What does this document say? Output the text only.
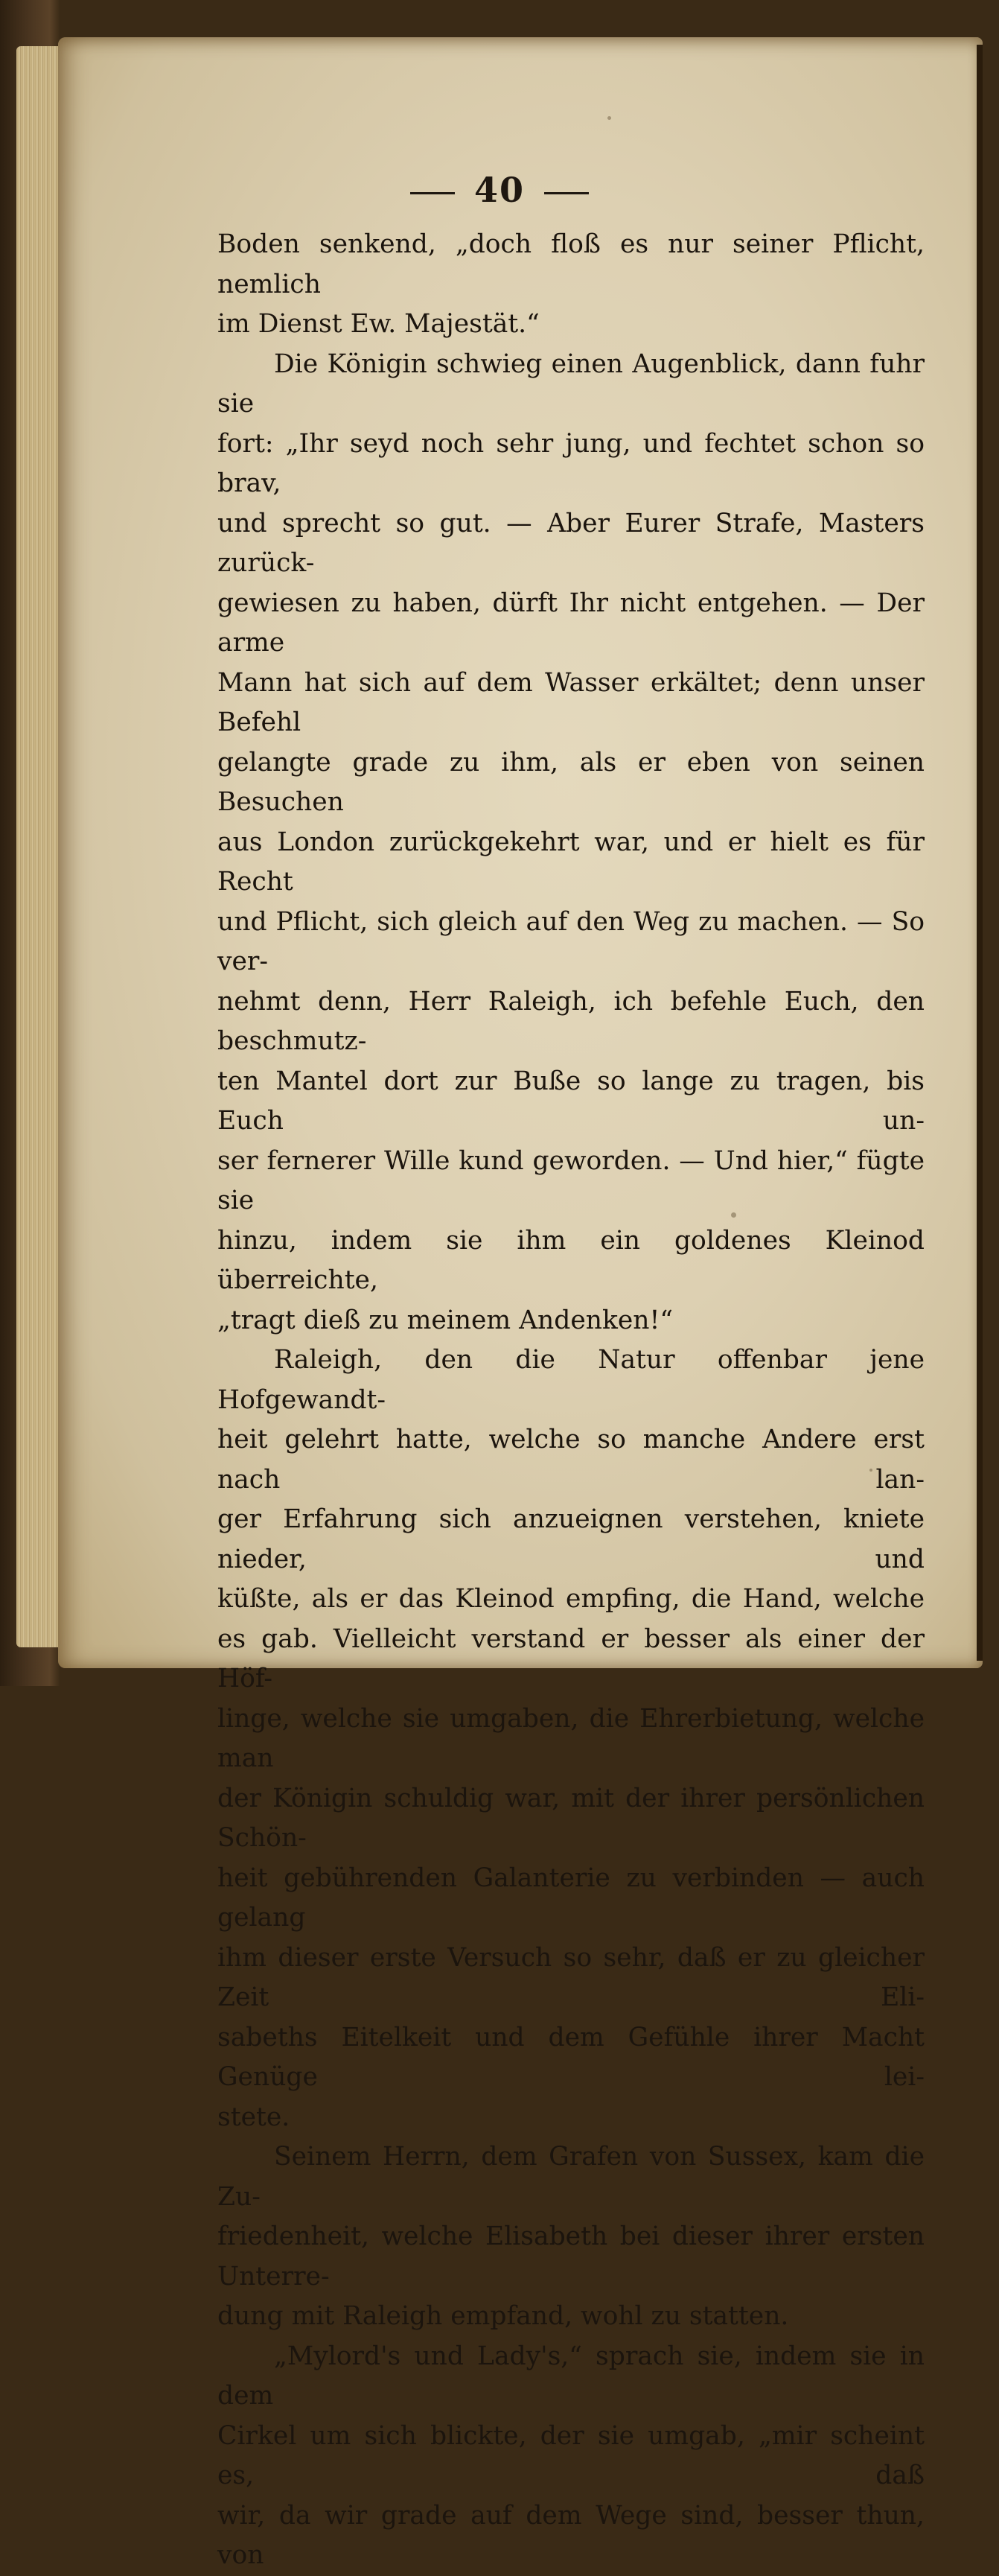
40

Boden senkend, „doch floß es nur seiner Pflicht, nemlich

im Dienst Ew. Majestät.“

Die Königin schwieg einen Augenblick, dann fuhr sie

fort: „Ihr seyd noch sehr jung, und fechtet schon so brav,

und sprecht so gut. — Aber Eurer Strafe, Masters zurück-

gewiesen zu haben, dürft Ihr nicht entgehen. — Der arme

Mann hat sich auf dem Wasser erkältet; denn unser Befehl

gelangte grade zu ihm, als er eben von seinen Besuchen

aus London zurückgekehrt war, und er hielt es für Recht

und Pflicht, sich gleich auf den Weg zu machen. — So ver-

nehmt denn, Herr Raleigh, ich befehle Euch, den beschmutz-

ten Mantel dort zur Buße so lange zu tragen, bis Euch un-

ser fernerer Wille kund geworden. — Und hier,“ fügte sie

hinzu, indem sie ihm ein goldenes Kleinod überreichte,

„tragt dieß zu meinem Andenken!“

Raleigh, den die Natur offenbar jene Hofgewandt-

heit gelehrt hatte, welche so manche Andere erst nach lan-

ger Erfahrung sich anzueignen verstehen, kniete nieder, und

küßte, als er das Kleinod empfing, die Hand, welche

es gab. Vielleicht verstand er besser als einer der Höf-

linge, welche sie umgaben, die Ehrerbietung, welche man

der Königin schuldig war, mit der ihrer persönlichen Schön-

heit gebührenden Galanterie zu verbinden — auch gelang

ihm dieser erste Versuch so sehr, daß er zu gleicher Zeit Eli-

sabeths Eitelkeit und dem Gefühle ihrer Macht Genüge lei-

stete.

Seinem Herrn, dem Grafen von Sussex, kam die Zu-

friedenheit, welche Elisabeth bei dieser ihrer ersten Unterre-

dung mit Raleigh empfand, wohl zu statten.

„Mylord's und Lady's,“ sprach sie, indem sie in dem

Cirkel um sich blickte, der sie umgab, „mir scheint es, daß

wir, da wir grade auf dem Wege sind, besser thun, von
